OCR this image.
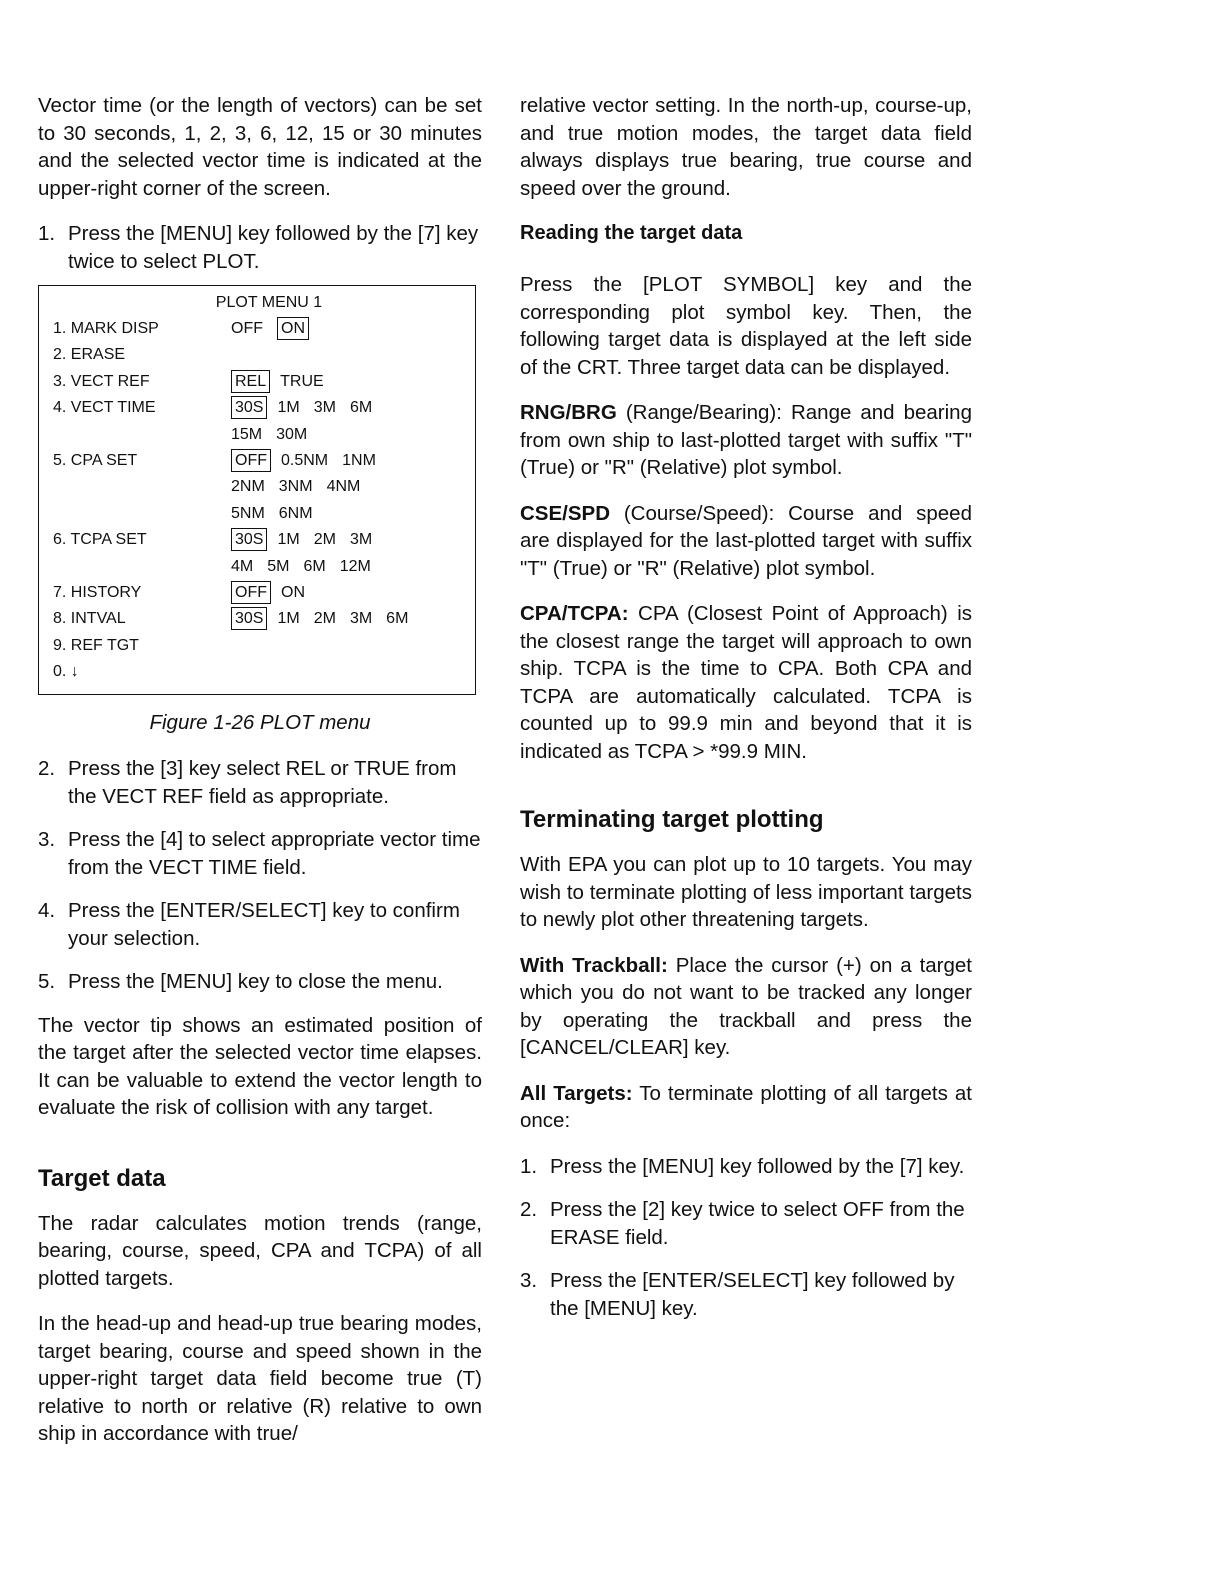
Vector time (or the length of vectors) can be set to 30 seconds, 1, 2, 3, 6, 12, 15 or 30 minutes and the selected vector time is indicated at the upper-right corner of the screen.

1. Press the [MENU] key followed by the [7] key twice to select PLOT.
PLOT MENU 1
1. MARK DISP	OFF ON
2. ERASE
3. VECT REF	REL TRUE
4. VECT TIME	30S 1M 3M 6M
15M 30M
5. CPA SET	OFF 0.5NM 1NM
2NM 3NM 4NM
5NM 6NM
6. TCPA SET	30S 1M 2M 3M
4M 5M 6M 12M
7. HISTORY	OFF ON
8. INTVAL	30S 1M 2M 3M 6M
9. REF TGT
0. ↓
Figure 1-26 PLOT menu
2. Press the [3] key select REL or TRUE from the VECT REF field as appropriate.
3. Press the [4] to select appropriate vector time from the VECT TIME field.
4. Press the [ENTER/SELECT] key to confirm your selection.
5. Press the [MENU] key to close the menu.

The vector tip shows an estimated position of the target after the selected vector time elapses. It can be valuable to extend the vector length to evaluate the risk of collision with any target.

Target data

The radar calculates motion trends (range, bearing, course, speed, CPA and TCPA) of all plotted targets.

In the head-up and head-up true bearing modes, target bearing, course and speed shown in the upper-right target data field become true (T) relative to north or relative (R) relative to own ship in accordance with true/

relative vector setting. In the north-up, course-up, and true motion modes, the target data field always displays true bearing, true course and speed over the ground.

Reading the target data

Press the [PLOT SYMBOL] key and the corresponding plot symbol key. Then, the following target data is displayed at the left side of the CRT. Three target data can be displayed.

RNG/BRG (Range/Bearing): Range and bearing from own ship to last-plotted target with suffix "T" (True) or "R" (Relative) plot symbol.

CSE/SPD (Course/Speed): Course and speed are displayed for the last-plotted target with suffix "T" (True) or "R" (Relative) plot symbol.

CPA/TCPA: CPA (Closest Point of Approach) is the closest range the target will approach to own ship. TCPA is the time to CPA. Both CPA and TCPA are automatically calculated. TCPA is counted up to 99.9 min and beyond that it is indicated as TCPA > *99.9 MIN.

Terminating target plotting

With EPA you can plot up to 10 targets. You may wish to terminate plotting of less important targets to newly plot other threatening targets.

With Trackball: Place the cursor (+) on a target which you do not want to be tracked any longer by operating the trackball and press the [CANCEL/CLEAR] key.

All Targets: To terminate plotting of all targets at once:

1. Press the [MENU] key followed by the [7] key.
2. Press the [2] key twice to select OFF from the ERASE field.
3. Press the [ENTER/SELECT] key followed by the [MENU] key.
